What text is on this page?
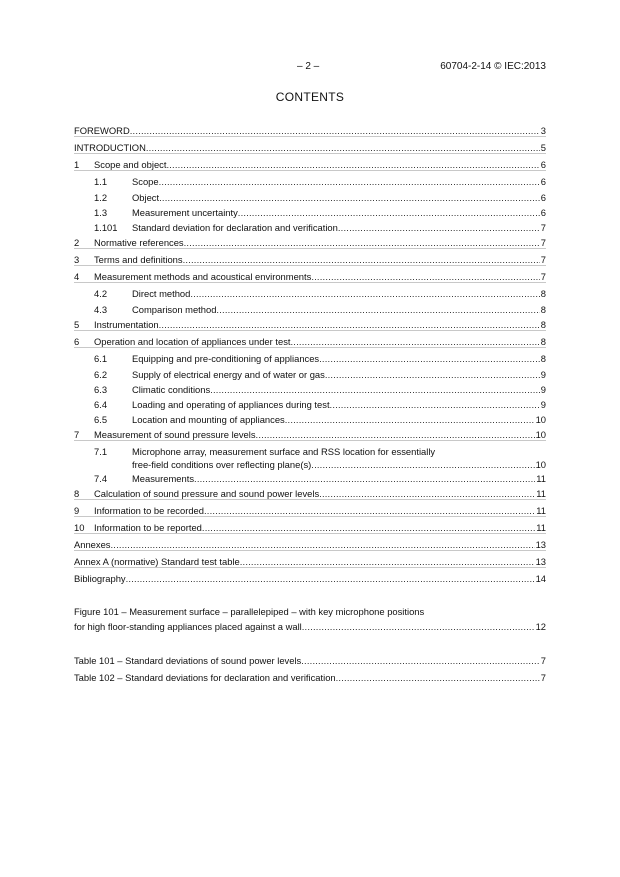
– 2 –	60704-2-14 © IEC:2013
CONTENTS
FOREWORD .....	3
INTRODUCTION .....	5
1	Scope and object .....	6
1.1	Scope .....	6
1.2	Object .....	6
1.3	Measurement uncertainty .....	6
1.101	Standard deviation for declaration and verification .....	7
2	Normative references .....	7
3	Terms and definitions .....	7
4	Measurement methods and acoustical environments .....	7
4.2	Direct method .....	8
4.3	Comparison method .....	8
5	Instrumentation .....	8
6	Operation and location of appliances under test .....	8
6.1	Equipping and pre-conditioning of appliances .....	8
6.2	Supply of electrical energy and of water or gas .....	9
6.3	Climatic conditions .....	9
6.4	Loading and operating of appliances during test .....	9
6.5	Location and mounting of appliances .....	10
7	Measurement of sound pressure levels .....	10
7.1	Microphone array, measurement surface and RSS location for essentially
free-field conditions over reflecting plane(s) .....	10
7.4	Measurements .....	11
8	Calculation of sound pressure and sound power levels .....	11
9	Information to be recorded .....	11
10	Information to be reported .....	11
Annexes .....	13
Annex A (normative) Standard test table .....	13
Bibliography .....	14
Figure 101 – Measurement surface – parallelepiped – with key microphone positions
for high floor-standing appliances placed against a wall .....	12
Table 101 – Standard deviations of sound power levels .....	7
Table 102 – Standard deviations for declaration and verification .....	7
